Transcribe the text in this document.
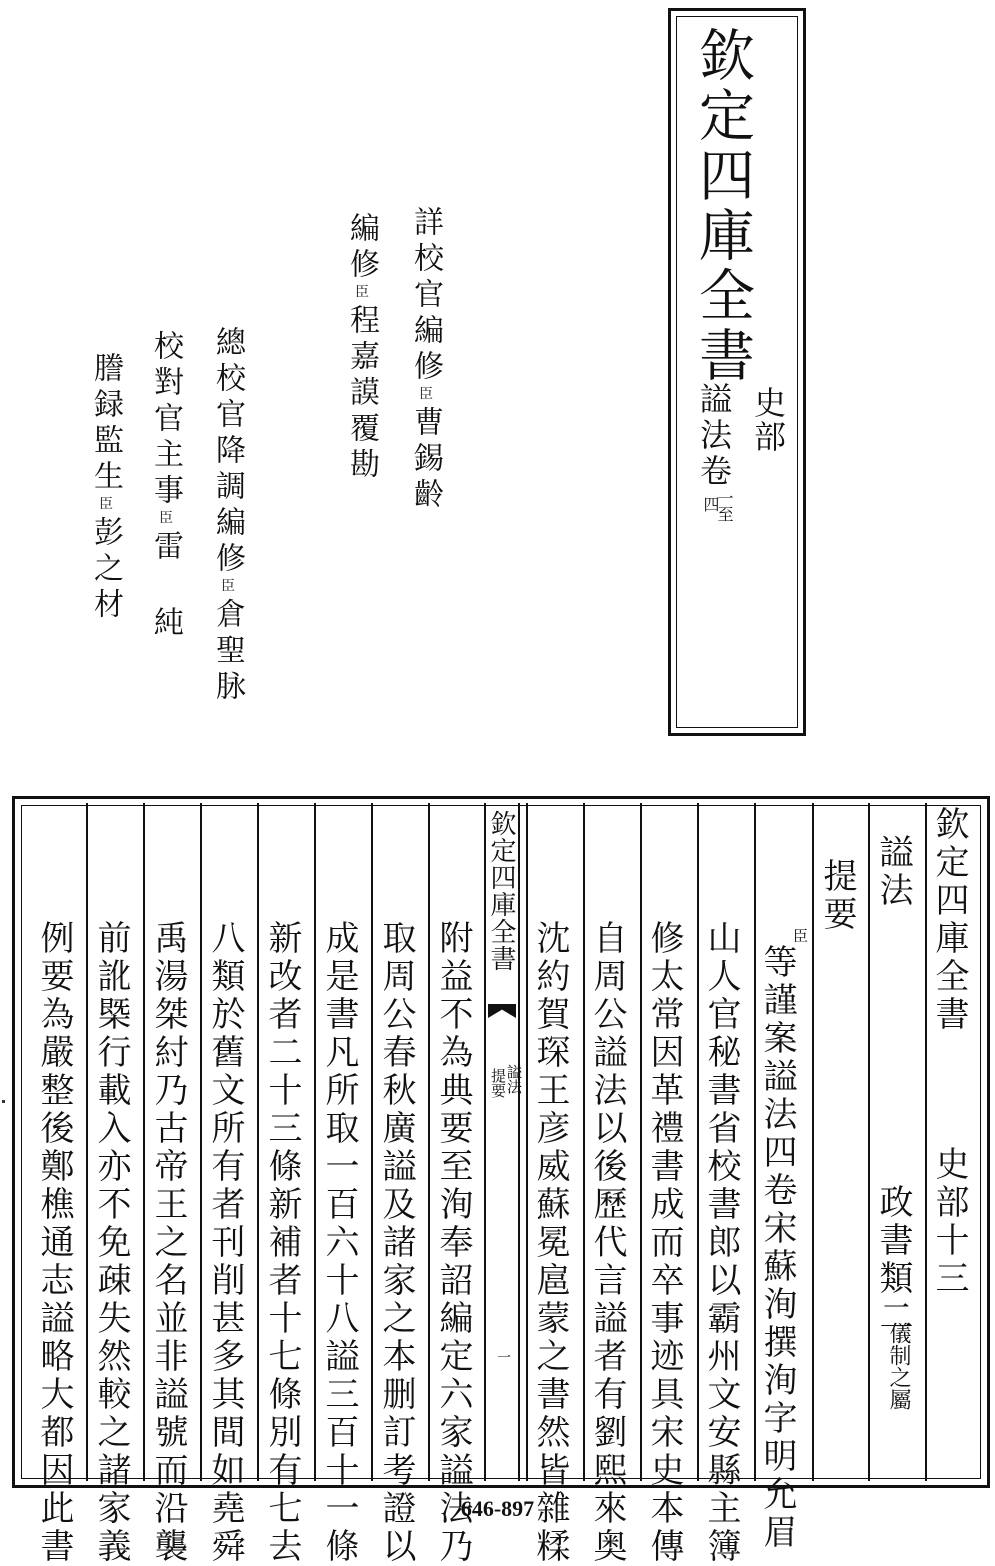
欽定四庫全書
史部
謚法卷
一至
四
詳校官編修臣曹錫齡
編修臣程嘉謨覆勘
總校官降調編修臣倉聖脉
校對官主事臣雷純
謄録監生臣彭之材
欽定四庫全書
史部十三
謚法
政書類二
儀制之屬
提要
臣
等謹案謚法四卷宋蘇洵撰洵字明允眉
山人官秘書省校書郎以霸州文安縣主簿
修太常因革禮書成而卒事迹具宋史本傳
自周公謚法以後歷代言謚者有劉熙來奥
沈約賀琛王彦威蘇冕扈蒙之書然皆雜糅
欽定四庫全書
謚法
提要
一
附益不為典要至洵奉詔編定六家謚法乃
取周公春秋廣謚及諸家之本删訂考證以
成是書凡所取一百六十八謚三百十一條
新改者二十三條新補者十七條別有七去
八類於舊文所有者刊削甚多其間如堯舜
禹湯桀紂乃古帝王之名並非謚號而沿襲
前訛槩行載入亦不免疎失然較之諸家義
例要為嚴整後鄭樵通志謚略大都因此書	646-897
